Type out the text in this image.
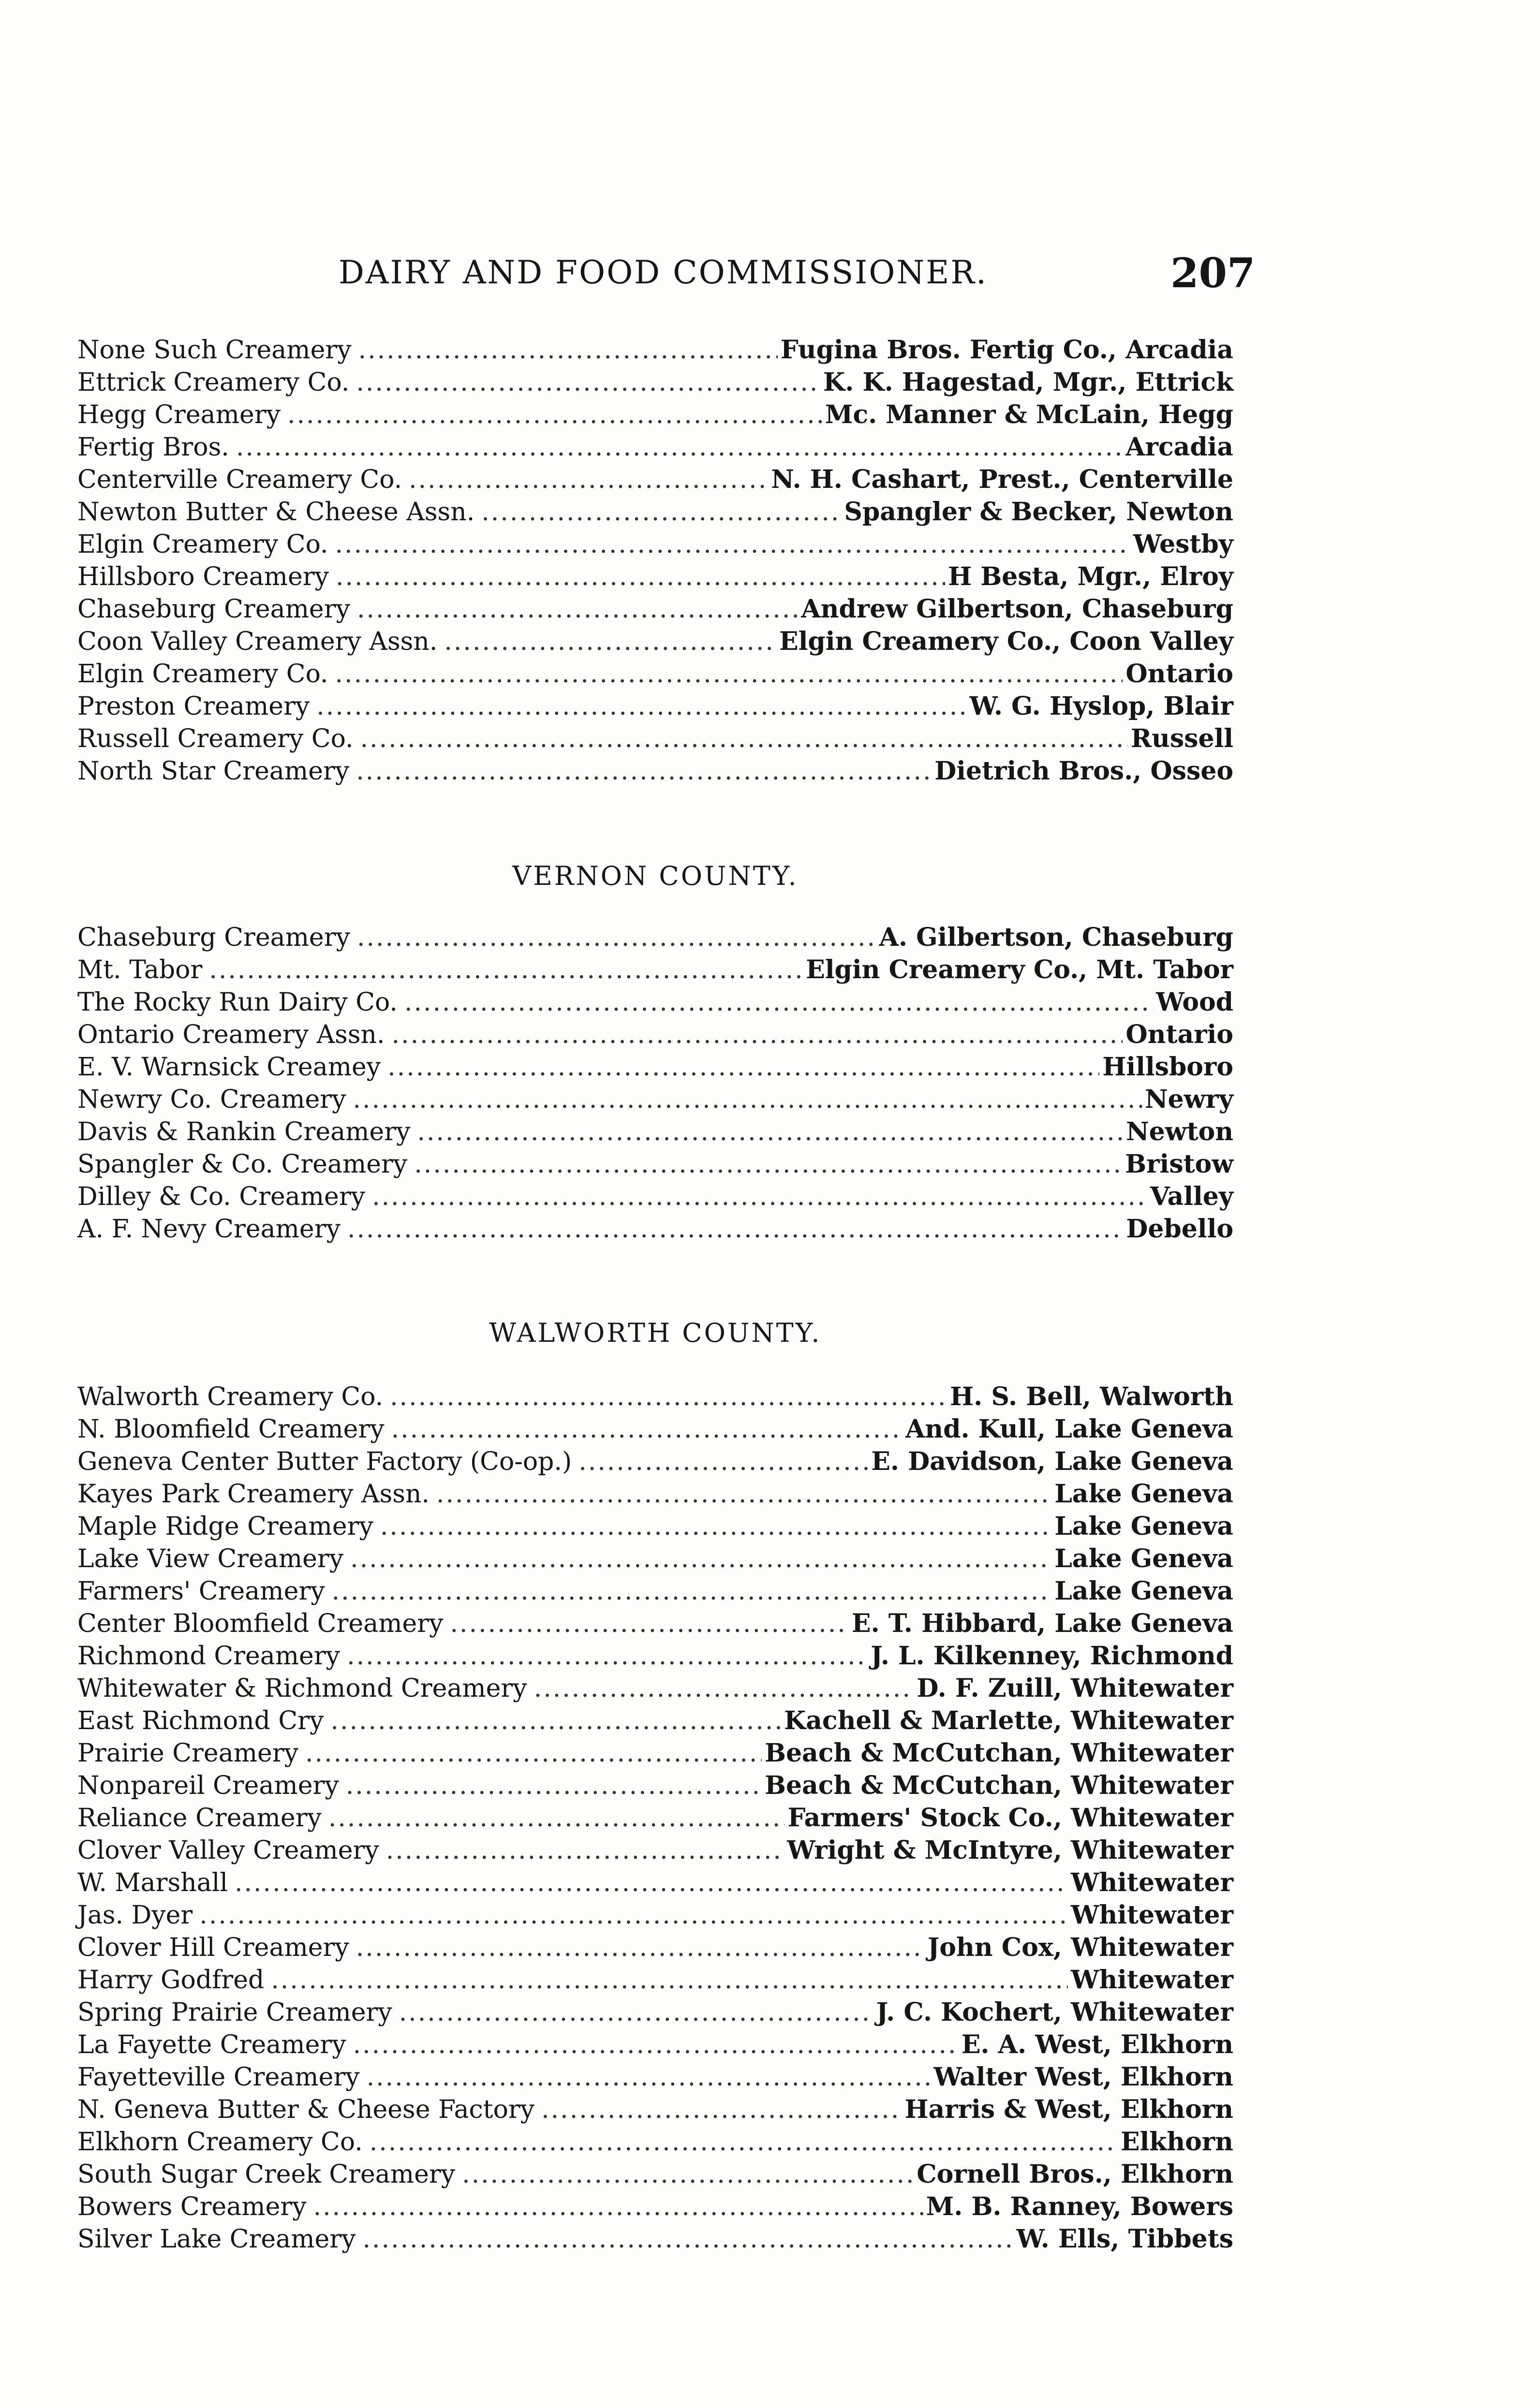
DAIRY AND FOOD COMMISSIONER.	207
None Such Creamery .....	Fugina Bros. Fertig Co., Arcadia
Ettrick Creamery Co. .....	K. K. Hagestad, Mgr., Ettrick
Hegg Creamery .....	Mc. Manner & McLain, Hegg
Fertig Bros. .....	Arcadia
Centerville Creamery Co. .....	N. H. Cashart, Prest., Centerville
Newton Butter & Cheese Assn. .....	Spangler & Becker, Newton
Elgin Creamery Co. .....	Westby
Hillsboro Creamery .....	H Besta, Mgr., Elroy
Chaseburg Creamery .....	Andrew Gilbertson, Chaseburg
Coon Valley Creamery Assn. .....	Elgin Creamery Co., Coon Valley
Elgin Creamery Co. .....	Ontario
Preston Creamery .....	W. G. Hyslop, Blair
Russell Creamery Co. .....	Russell
North Star Creamery .....	Dietrich Bros., Osseo
VERNON COUNTY.
Chaseburg Creamery .....	A. Gilbertson, Chaseburg
Mt. Tabor .....	Elgin Creamery Co., Mt. Tabor
The Rocky Run Dairy Co. .....	Wood
Ontario Creamery Assn. .....	Ontario
E. V. Warnsick Creamey .....	Hillsboro
Newry Co. Creamery .....	Newry
Davis & Rankin Creamery .....	Newton
Spangler & Co. Creamery .....	Bristow
Dilley & Co. Creamery .....	Valley
A. F. Nevy Creamery .....	Debello
WALWORTH COUNTY.
Walworth Creamery Co. .....	H. S. Bell, Walworth
N. Bloomfield Creamery .....	And. Kull, Lake Geneva
Geneva Center Butter Factory (Co-op.) .....	E. Davidson, Lake Geneva
Kayes Park Creamery Assn. .....	Lake Geneva
Maple Ridge Creamery .....	Lake Geneva
Lake View Creamery .....	Lake Geneva
Farmers' Creamery .....	Lake Geneva
Center Bloomfield Creamery .....	E. T. Hibbard, Lake Geneva
Richmond Creamery .....	J. L. Kilkenney, Richmond
Whitewater & Richmond Creamery .....	D. F. Zuill, Whitewater
East Richmond Cry .....	Kachell & Marlette, Whitewater
Prairie Creamery .....	Beach & McCutchan, Whitewater
Nonpareil Creamery .....	Beach & McCutchan, Whitewater
Reliance Creamery .....	Farmers' Stock Co., Whitewater
Clover Valley Creamery .....	Wright & McIntyre, Whitewater
W. Marshall .....	Whitewater
Jas. Dyer .....	Whitewater
Clover Hill Creamery .....	John Cox, Whitewater
Harry Godfred .....	Whitewater
Spring Prairie Creamery .....	J. C. Kochert, Whitewater
La Fayette Creamery .....	E. A. West, Elkhorn
Fayetteville Creamery .....	Walter West, Elkhorn
N. Geneva Butter & Cheese Factory .....	Harris & West, Elkhorn
Elkhorn Creamery Co. .....	Elkhorn
South Sugar Creek Creamery .....	Cornell Bros., Elkhorn
Bowers Creamery .....	M. B. Ranney, Bowers
Silver Lake Creamery .....	W. Ells, Tibbets
